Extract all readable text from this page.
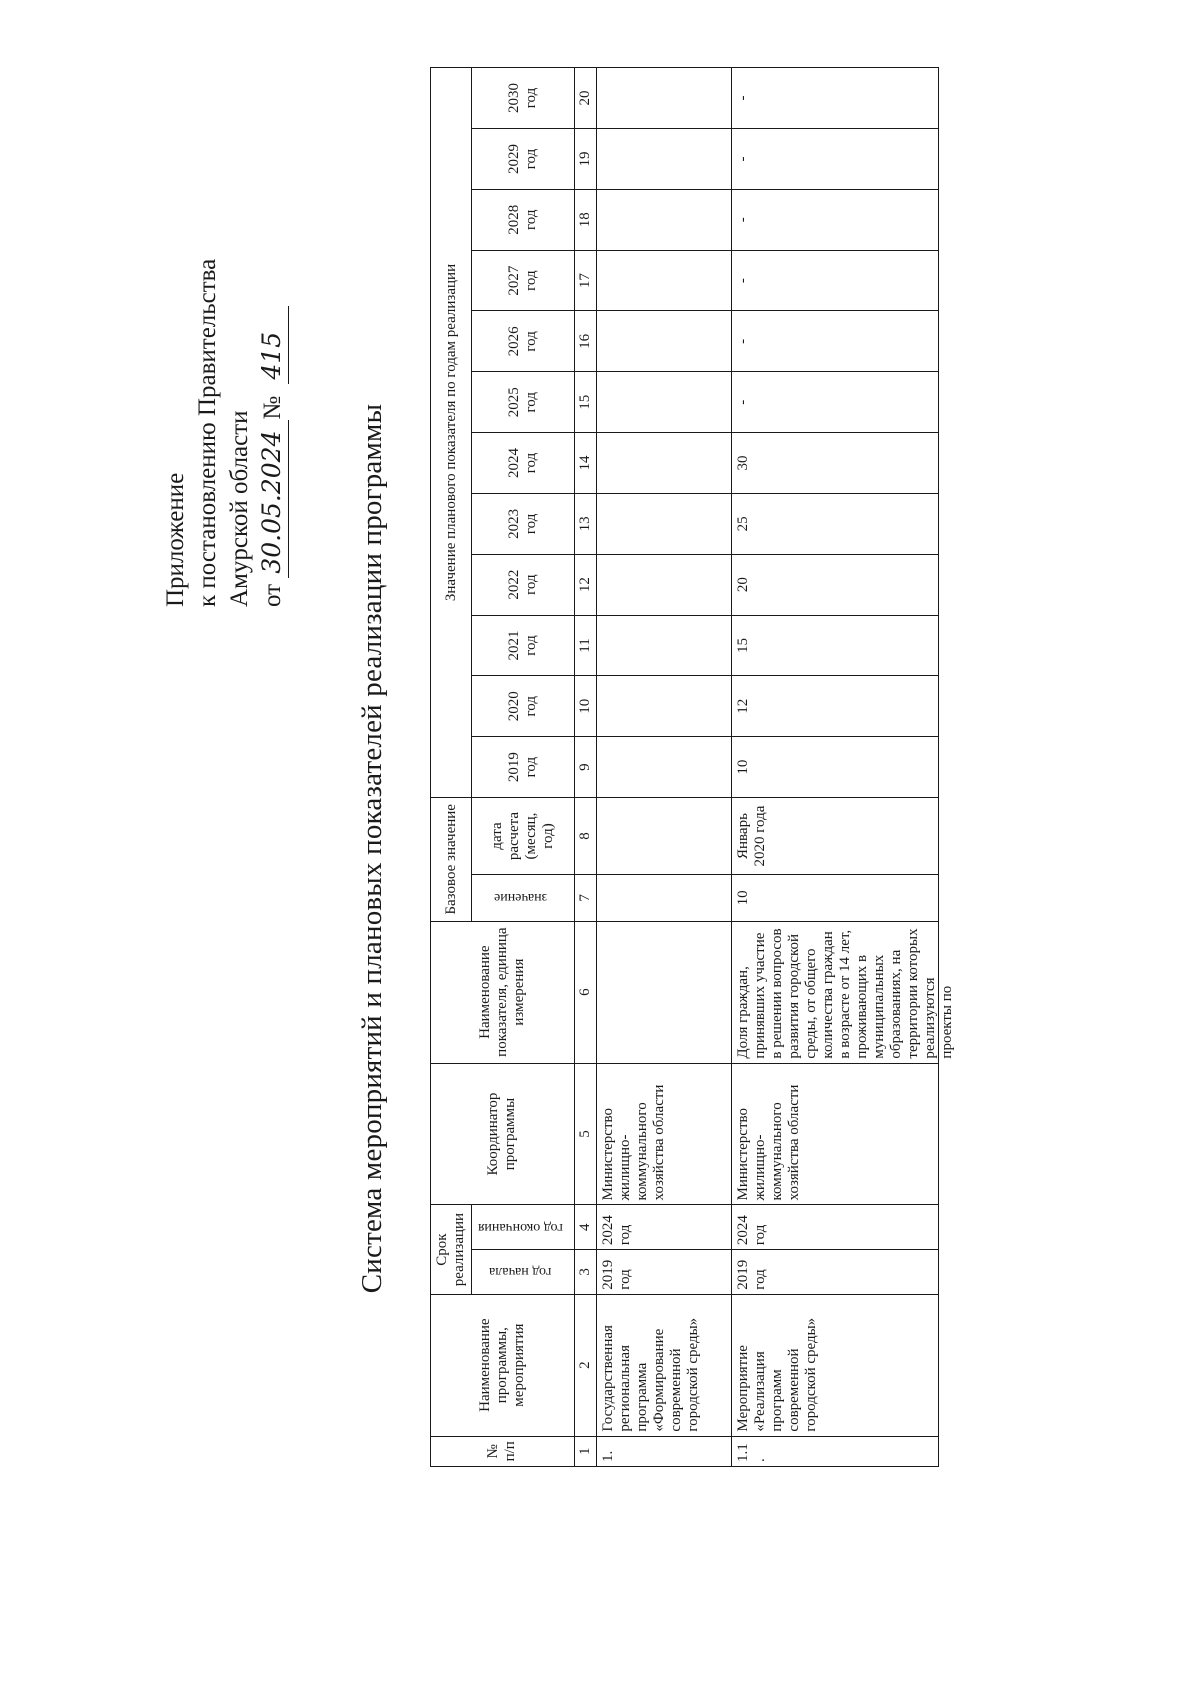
Приложение к постановлению Правительства Амурской области от 30.05.2024№ 415
Система мероприятий и плановых показателей реализации программы
№ п/п	Наименование программы, мероприятия	Срок реализации		Координатор программы	Наименование показателя, единица измерения	Базовое значение		Значение планового показателя по годам реализации											
		год начала	год окончания			значение	дата расчета (месяц, год)	2019 год	2020 год	2021 год	2022 год	2023 год	2024 год	2025 год	2026 год	2027 год	2028 год	2029 год	2030 год
1	2	3	4	5	6	7	8	9	10	11	12	13	14	15	16	17	18	19	20
1.	Государственная региональная программа «Формирование современной городской среды»	2019 год	2024 год	Министерство жилищно-коммунального хозяйства области															
1.1.	Мероприятие «Реализация программ современной городской среды»	2019 год	2024 год	Министерство жилищно-коммунального хозяйства области	Доля граждан, принявших участие в решении вопросов развития городской среды, от общего количества граждан в возрасте от 14 лет, проживающих в муниципальных образованиях, на территории которых реализуются проекты по	10	Январь 2020 года	10	12	15	20	25	30	-	-	-	-	-	-
